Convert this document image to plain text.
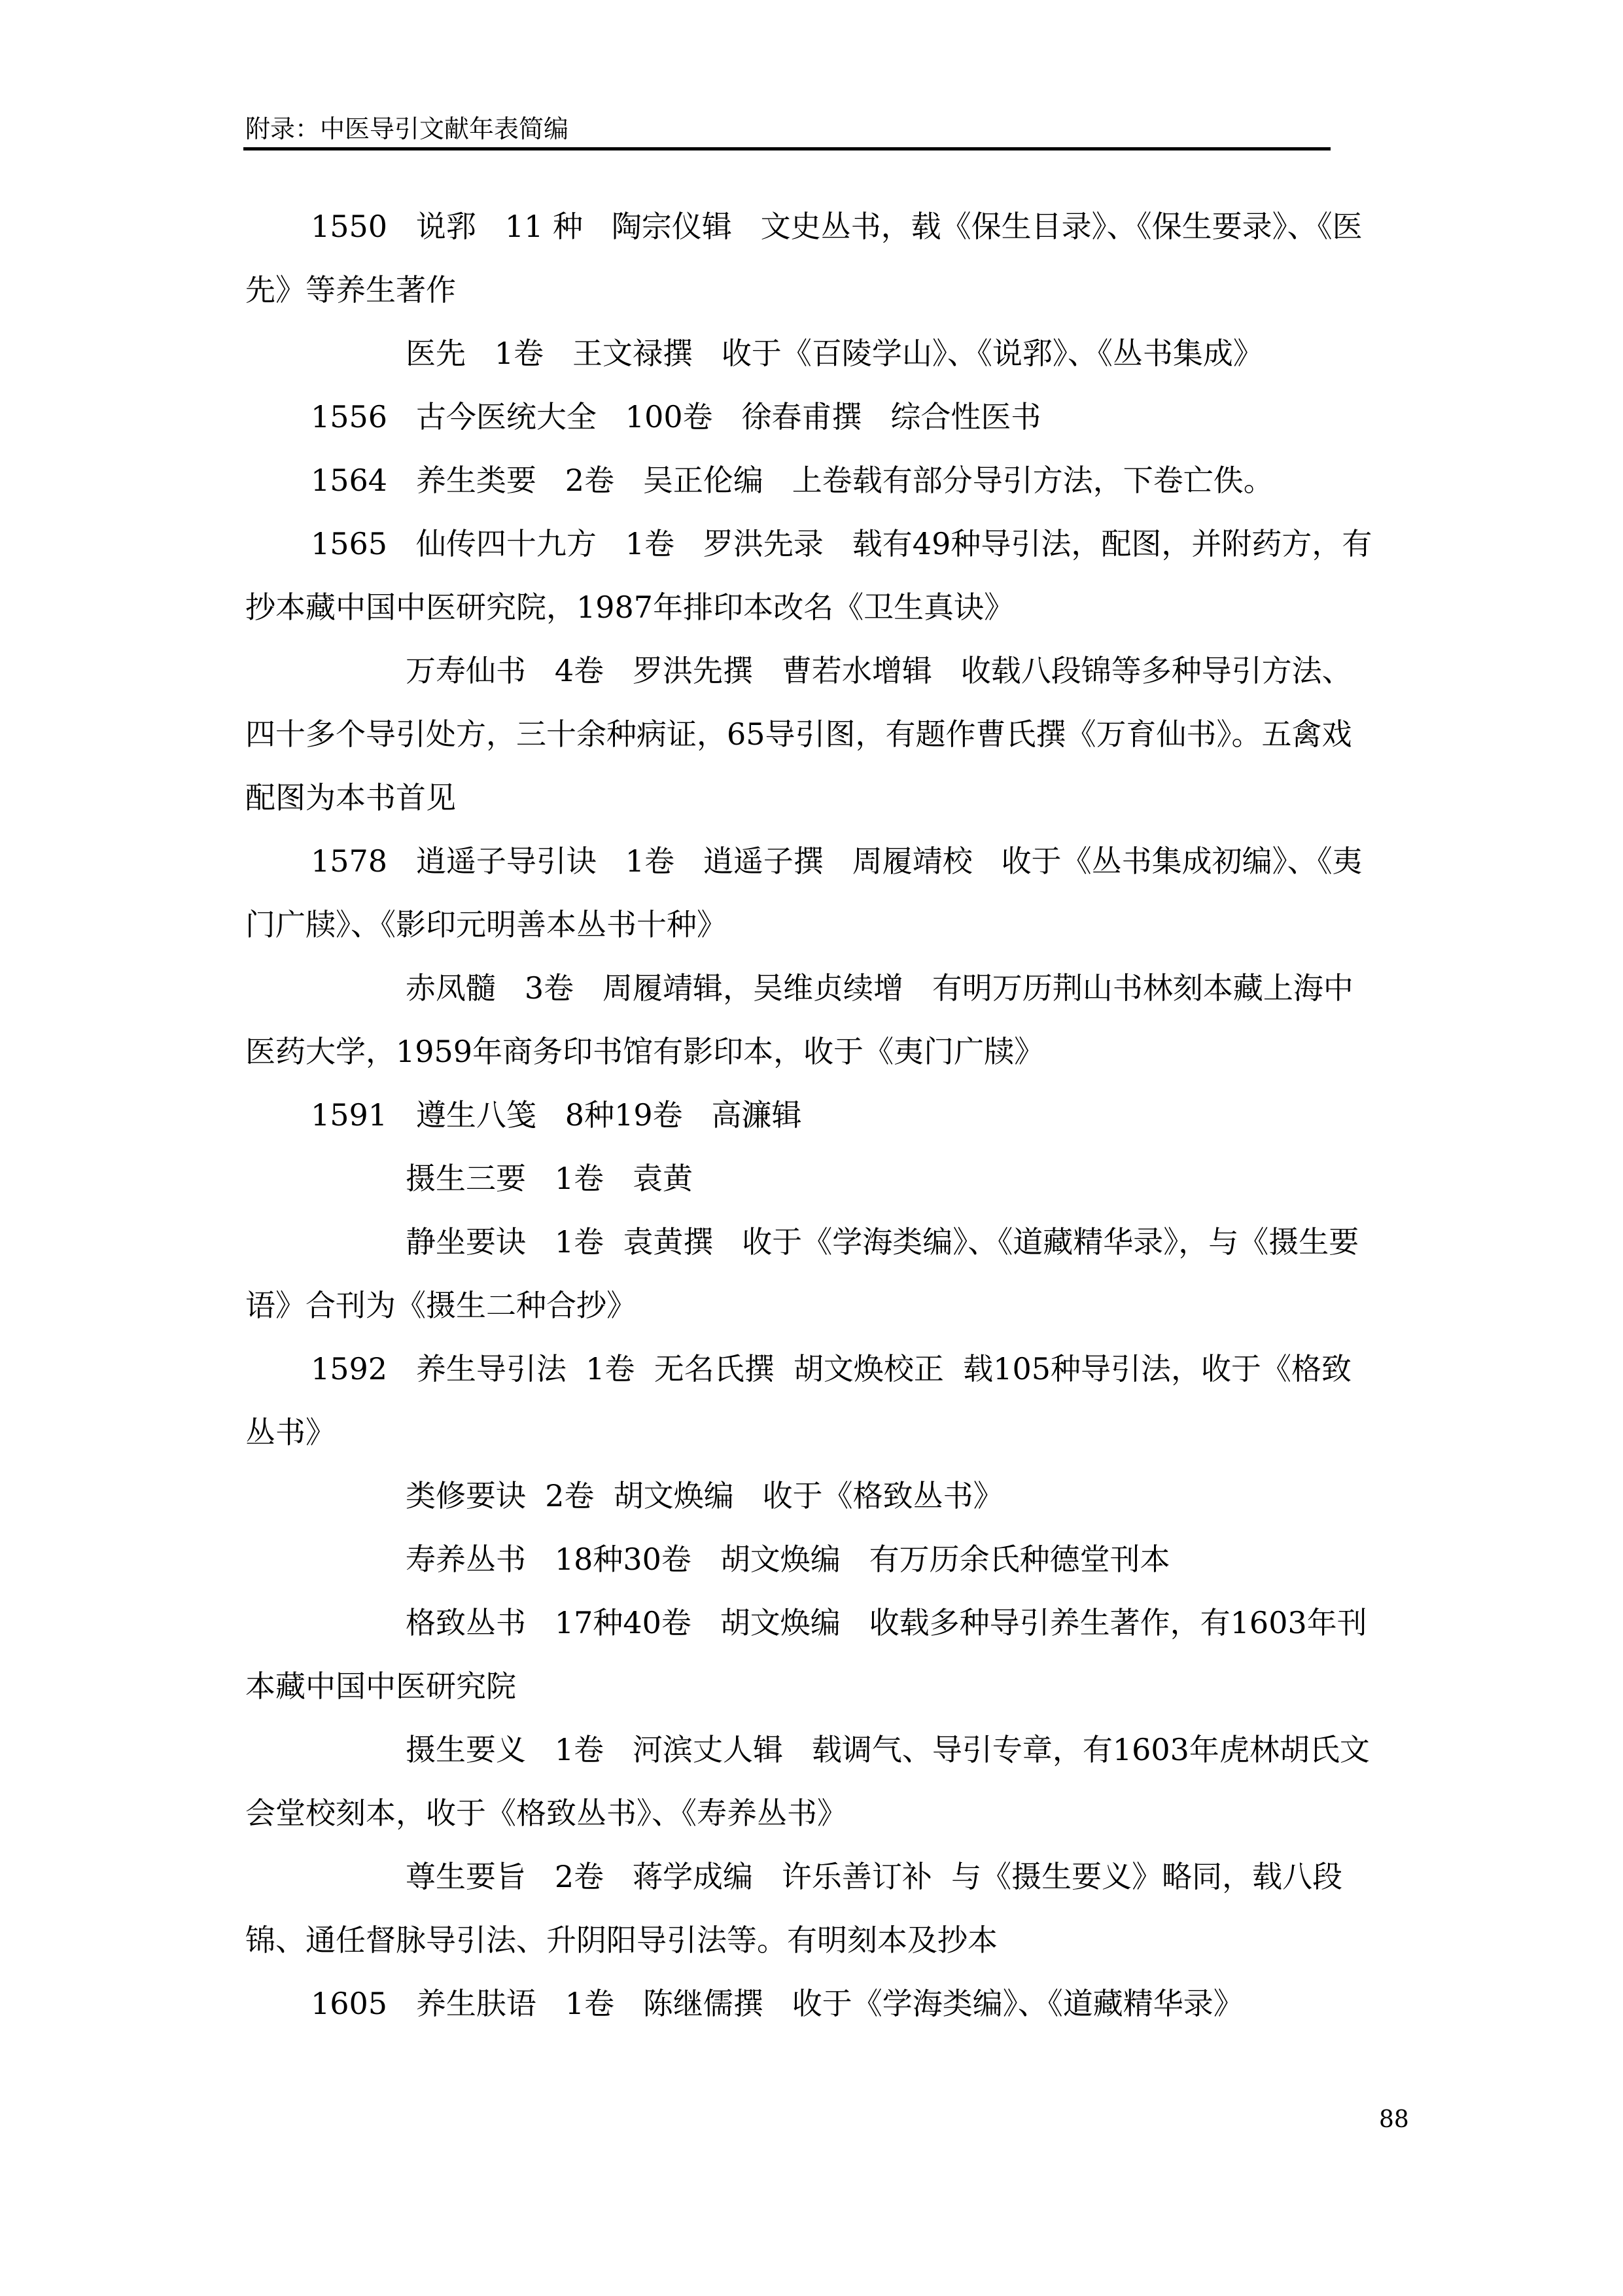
附录：中医导引文献年表简编

1550   说郛   11 种   陶宗仪辑   文史丛书，载《保生目录》、《保生要录》、《医先》等养生著作

医先   1卷   王文禄撰   收于《百陵学山》、《说郛》、《丛书集成》

1556   古今医统大全   100卷   徐春甫撰   综合性医书

1564   养生类要   2卷   吴正伦编   上卷载有部分导引方法，下卷亡佚。

1565   仙传四十九方   1卷   罗洪先录   载有49种导引法，配图，并附药方，有抄本藏中国中医研究院，1987年排印本改名《卫生真诀》

万寿仙书   4卷   罗洪先撰   曹若水增辑   收载八段锦等多种导引方法、四十多个导引处方，三十余种病证，65导引图，有题作曹氏撰《万育仙书》。五禽戏配图为本书首见

1578   逍遥子导引诀   1卷   逍遥子撰   周履靖校   收于《丛书集成初编》、《夷门广牍》、《影印元明善本丛书十种》

赤凤髓   3卷   周履靖辑，吴维贞续增   有明万历荆山书林刻本藏上海中医药大学，1959年商务印书馆有影印本，收于《夷门广牍》

1591   遵生八笺   8种19卷   高濂辑

摄生三要   1卷   袁黄

静坐要诀   1卷  袁黄撰   收于《学海类编》、《道藏精华录》，与《摄生要语》合刊为《摄生二种合抄》

1592   养生导引法  1卷  无名氏撰  胡文焕校正  载105种导引法，收于《格致丛书》

类修要诀  2卷  胡文焕编   收于《格致丛书》

寿养丛书   18种30卷   胡文焕编   有万历余氏种德堂刊本

格致丛书   17种40卷   胡文焕编   收载多种导引养生著作，有1603年刊本藏中国中医研究院

摄生要义   1卷   河滨丈人辑   载调气、导引专章，有1603年虎林胡氏文会堂校刻本，收于《格致丛书》、《寿养丛书》

尊生要旨   2卷   蒋学成编   许乐善订补  与《摄生要义》略同，载八段锦、通任督脉导引法、升阴阳导引法等。有明刻本及抄本

1605   养生肤语   1卷   陈继儒撰   收于《学海类编》、《道藏精华录》

88
